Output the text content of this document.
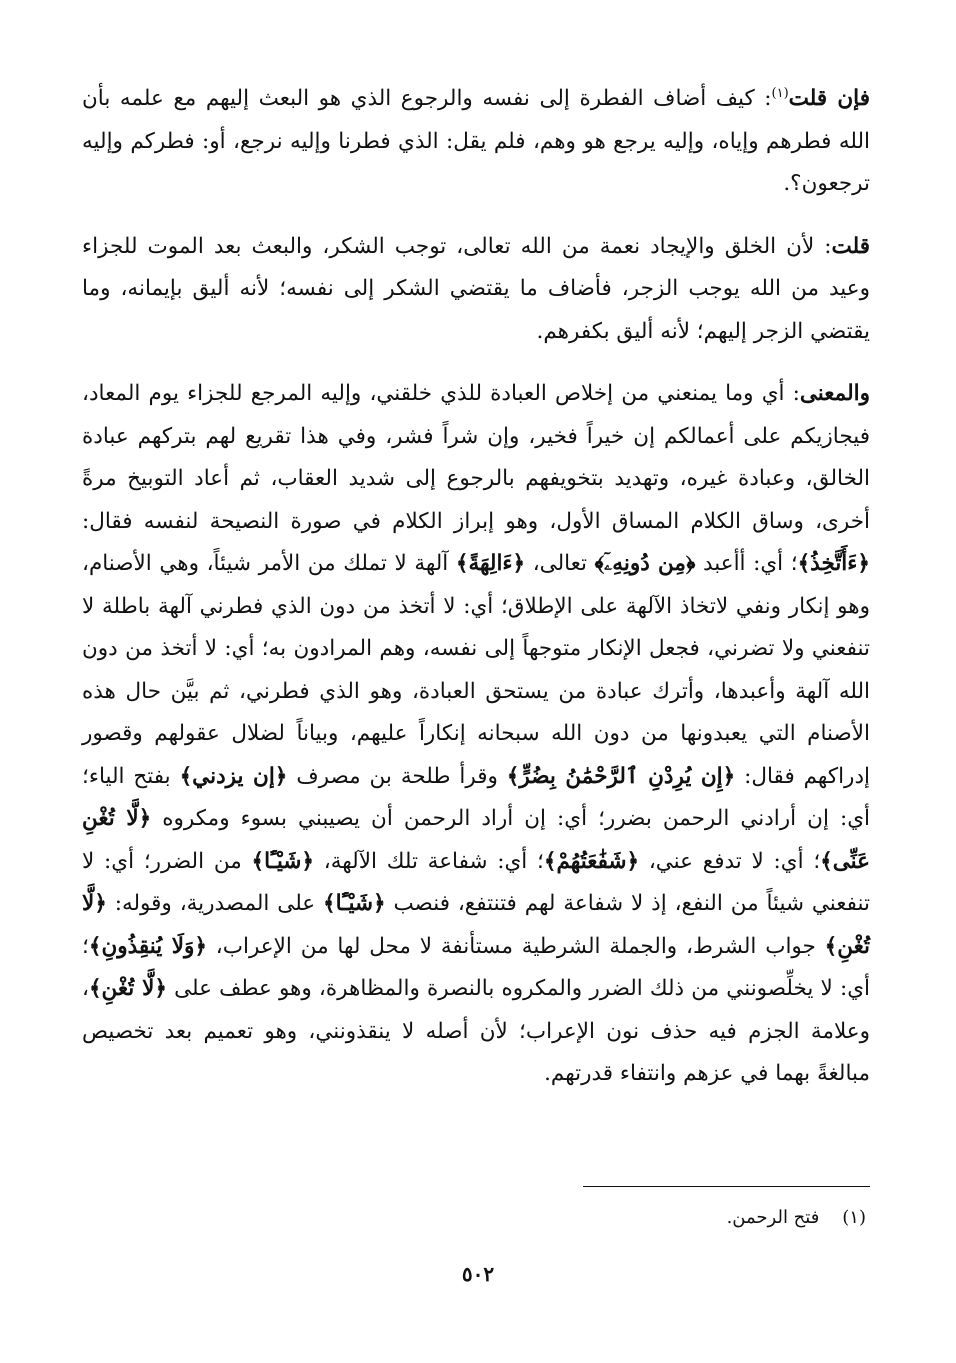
فإن قلت$^{(١)}$: كيف أضاف الفطرة إلى نفسه والرجوع الذي هو البعث إليهم مع علمه بأن الله فطرهم وإياه، وإليه يرجع هو وهم، فلم يقل: الذي فطرنا وإليه نرجع، أو: فطركم وإليه ترجعون؟.

قلت: لأن الخلق والإيجاد نعمة من الله تعالى، توجب الشكر، والبعث بعد الموت للجزاء وعيد من الله يوجب الزجر، فأضاف ما يقتضي الشكر إلى نفسه؛ لأنه أليق بإيمانه، وما يقتضي الزجر إليهم؛ لأنه أليق بكفرهم.

والمعنى: أي وما يمنعني من إخلاص العبادة للذي خلقني، وإليه المرجع للجزاء يوم المعاد، فيجازيكم على أعمالكم إن خيراً فخير، وإن شراً فشر، وفي هذا تقريع لهم بتركهم عبادة الخالق، وعبادة غيره، وتهديد بتخويفهم بالرجوع إلى شديد العقاب، ثم أعاد التوبيخ مرةً أخرى، وساق الكلام المساق الأول، وهو إبراز الكلام في صورة النصيحة لنفسه فقال: ﴿ءَأَتَّخِذُ﴾؛ أي: أأعبد ﴿مِن دُونِهِۦٓ﴾ تعالى، ﴿ءَالِهَةً﴾ آلهة لا تملك من الأمر شيئاً، وهي الأصنام، وهو إنكار ونفي لاتخاذ الآلهة على الإطلاق؛ أي: لا أتخذ من دون الذي فطرني آلهة باطلة لا تنفعني ولا تضرني، فجعل الإنكار متوجهاً إلى نفسه، وهم المرادون به؛ أي: لا أتخذ من دون الله آلهة وأعبدها، وأترك عبادة من يستحق العبادة، وهو الذي فطرني، ثم بيَّن حال هذه الأصنام التي يعبدونها من دون الله سبحانه إنكاراً عليهم، وبياناً لضلال عقولهم وقصور إدراكهم فقال: ﴿إِن يُرِدْنِ ٱلرَّحْمَٰنُ بِضُرٍّ﴾ وقرأ طلحة بن مصرف ﴿إن يزدني﴾ بفتح الياء؛ أي: إن أرادني الرحمن بضرر؛ أي: إن أراد الرحمن أن يصيبني بسوء ومكروه ﴿لَّا تُغْنِ عَنِّى﴾؛ أي: لا تدفع عني، ﴿شَفَٰعَتُهُمْ﴾؛ أي: شفاعة تلك الآلهة، ﴿شَيْـًٔا﴾ من الضرر؛ أي: لا تنفعني شيئاً من النفع، إذ لا شفاعة لهم فتنتفع، فنصب ﴿شَيْـًٔا﴾ على المصدرية، وقوله: ﴿لَّا تُغْنِ﴾ جواب الشرط، والجملة الشرطية مستأنفة لا محل لها من الإعراب، ﴿وَلَا يُنقِذُونِ﴾؛ أي: لا يخلِّصونني من ذلك الضرر والمكروه بالنصرة والمظاهرة، وهو عطف على ﴿لَّا تُغْنِ﴾، وعلامة الجزم فيه حذف نون الإعراب؛ لأن أصله لا ينقذونني، وهو تعميم بعد تخصيص مبالغةً بهما في عزهم وانتفاء قدرتهم.

(١)    فتح الرحمن.
٥٠٢
